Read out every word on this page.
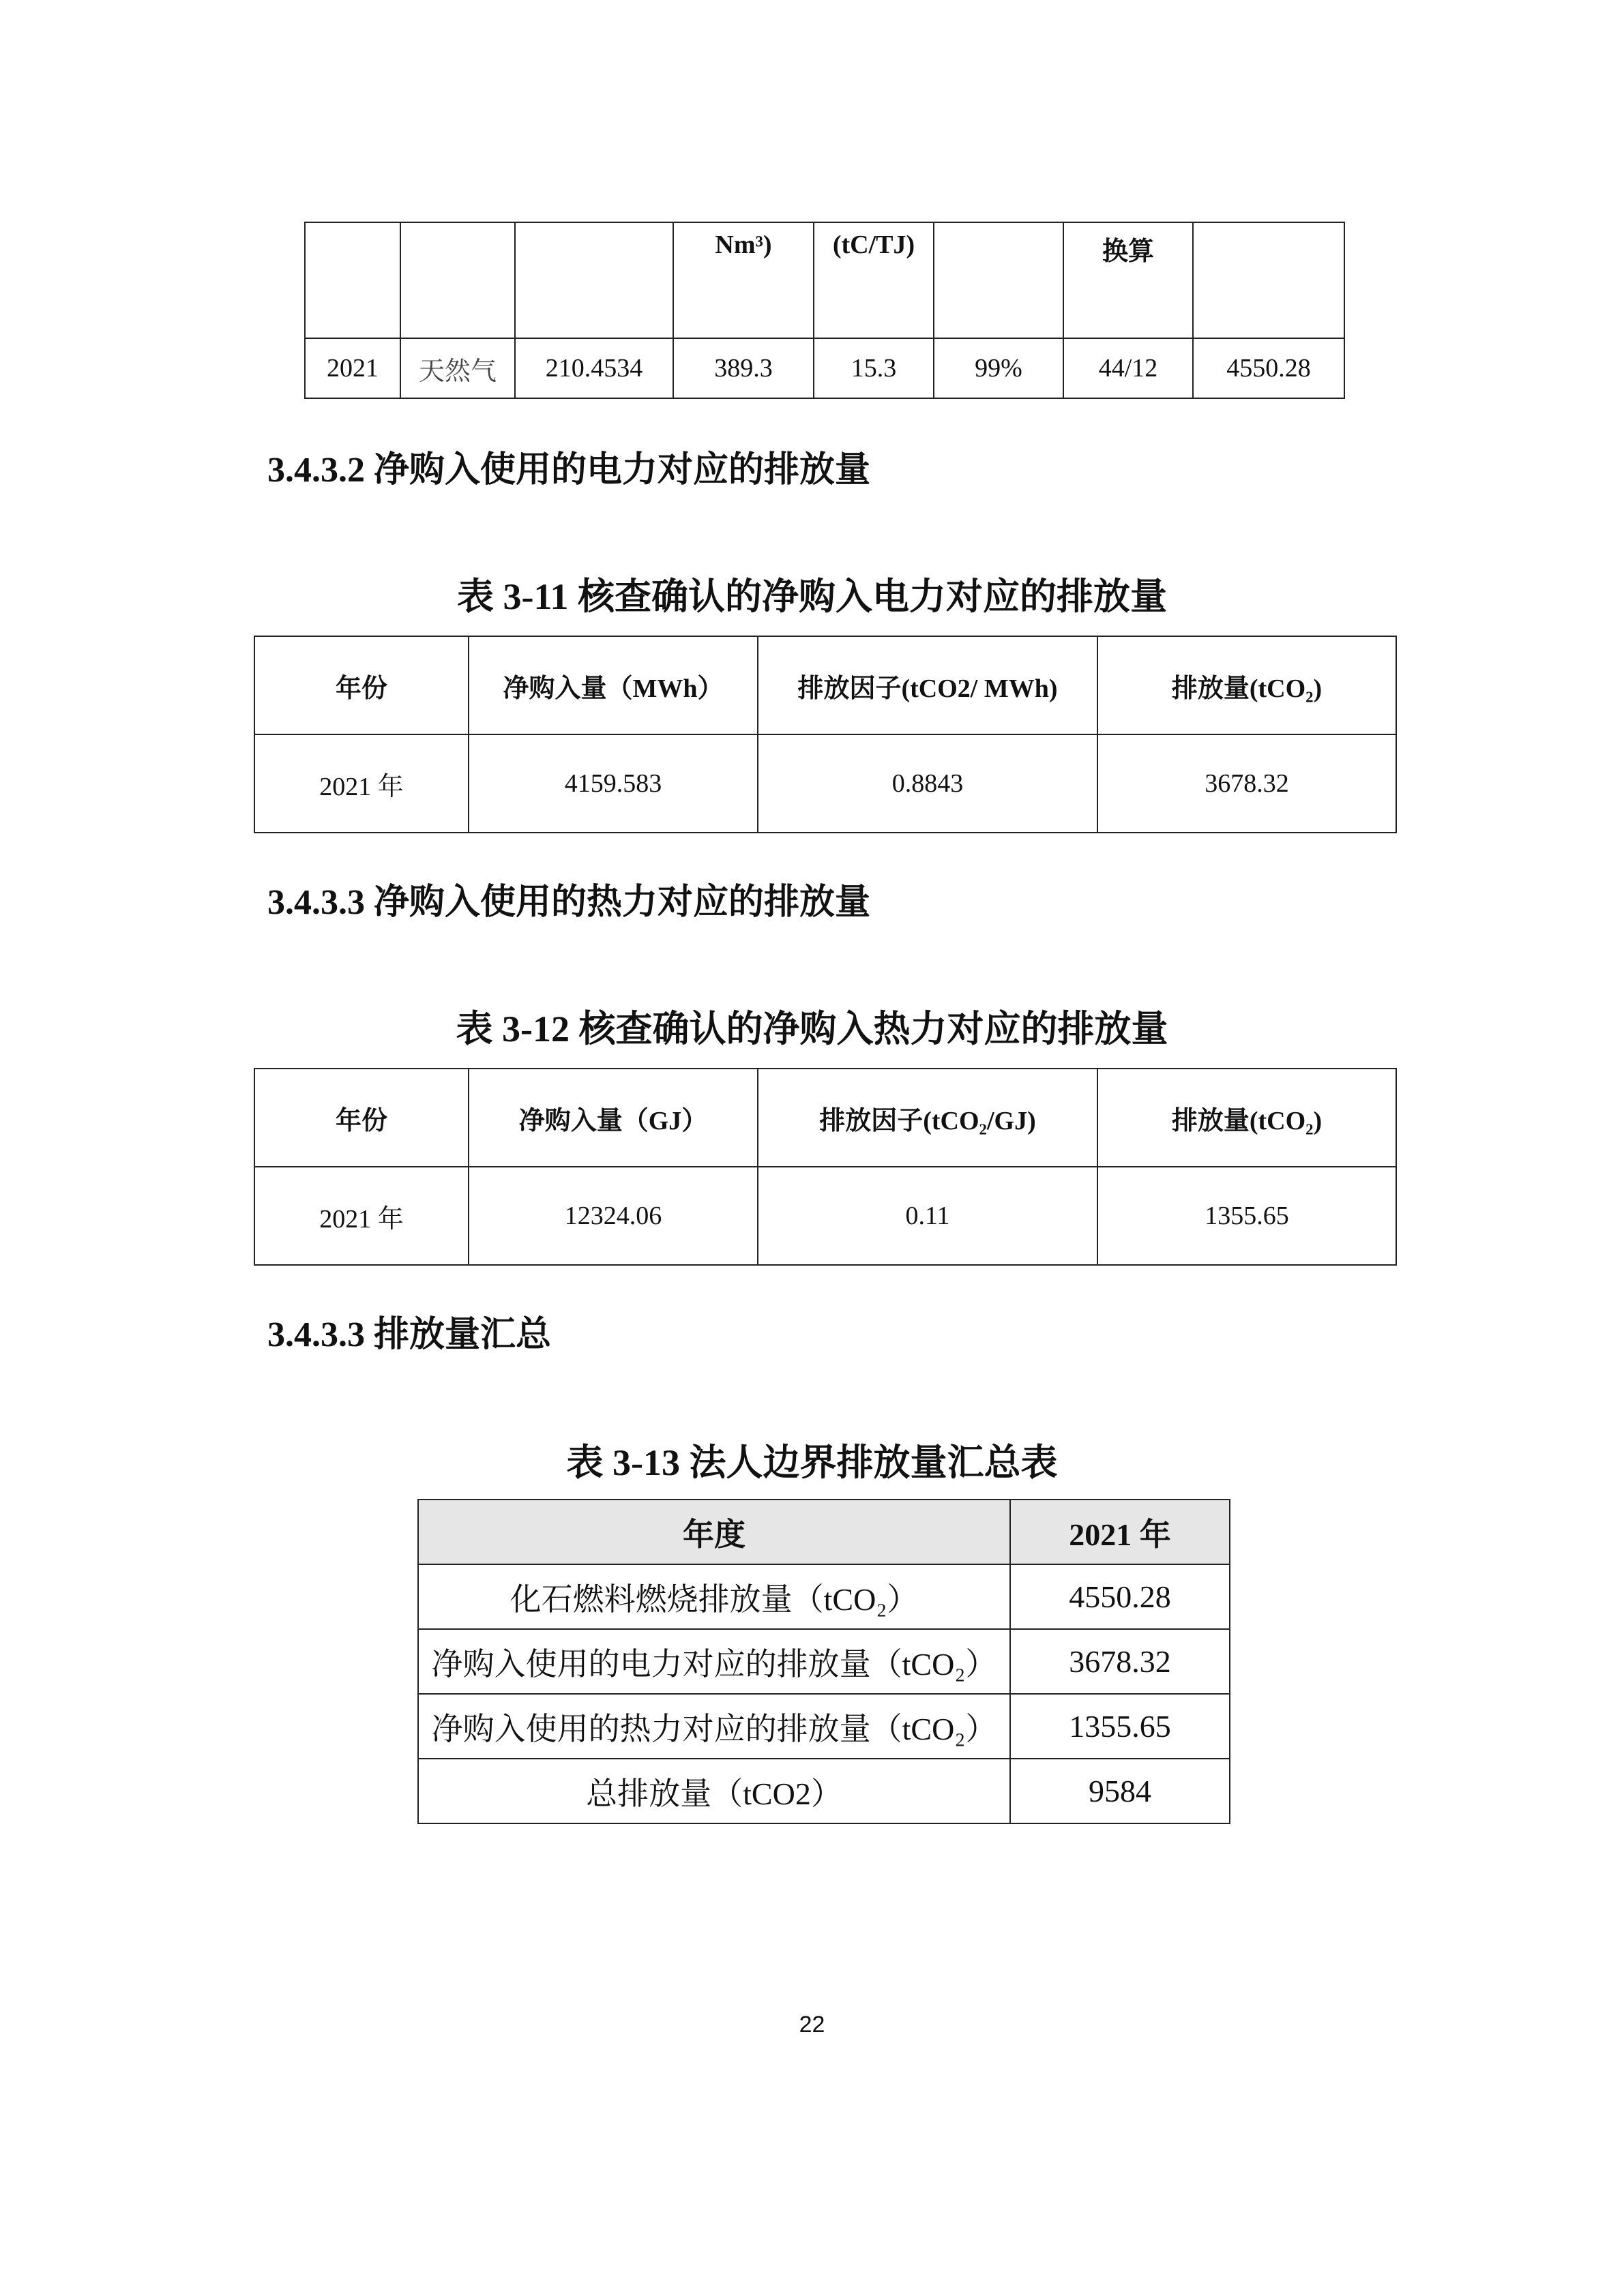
			Nm³)	(tC/TJ)		换算	
2021	天然气	210.4534	389.3	15.3	99%	44/12	4550.28
3.4.3.2 净购入使用的电力对应的排放量
表 3-11 核查确认的净购入电力对应的排放量
年份	净购入量（MWh）	排放因子(tCO2/ MWh)	排放量(tCO₂)
2021 年	4159.583	0.8843	3678.32
3.4.3.3 净购入使用的热力对应的排放量
表 3-12 核查确认的净购入热力对应的排放量
年份	净购入量（GJ）	排放因子(tCO₂/GJ)	排放量(tCO₂)
2021 年	12324.06	0.11	1355.65
3.4.3.3 排放量汇总
表 3-13 法人边界排放量汇总表
年度	2021 年
化石燃料燃烧排放量（tCO₂）	4550.28
净购入使用的电力对应的排放量（tCO₂）	3678.32
净购入使用的热力对应的排放量（tCO₂）	1355.65
总排放量（tCO2）	9584
22
